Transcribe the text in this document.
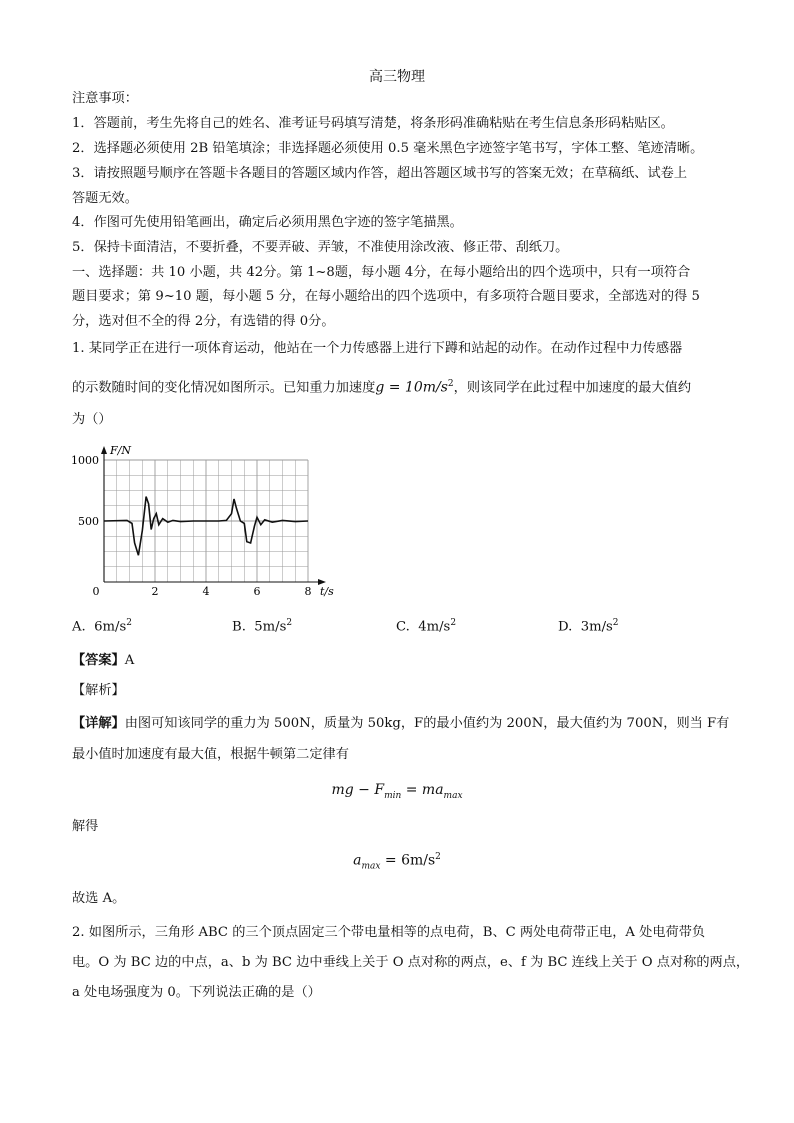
高三物理
注意事项：
1．答题前，考生先将自己的姓名、准考证号码填写清楚，将条形码准确粘贴在考生信息条形码粘贴区。
2．选择题必须使用 2B 铅笔填涂；非选择题必须使用 0.5 毫米黑色字迹签字笔书写，字体工整、笔迹清晰。
3．请按照题号顺序在答题卡各题目的答题区域内作答，超出答题区域书写的答案无效；在草稿纸、试卷上
答题无效。
4．作图可先使用铅笔画出，确定后必须用黑色字迹的签字笔描黑。
5．保持卡面清洁，不要折叠，不要弄破、弄皱，不准使用涂改液、修正带、刮纸刀。
一、选择题：共 10 小题，共 42分。第 1~8题，每小题 4分，在每小题给出的四个选项中，只有一项符合
题目要求；第 9~10 题，每小题 5 分，在每小题给出的四个选项中，有多项符合题目要求，全部选对的得 5
分，选对但不全的得 2分，有选错的得 0分。
1. 某同学正在进行一项体育运动，他站在一个力传感器上进行下蹲和站起的动作。在动作过程中力传感器
的示数随时间的变化情况如图所示。已知重力加速度$g = 10m/s^2$，则该同学在此过程中加速度的最大值约
为（）
0	2	4	6	8
500
1000
F/N
t/s
A. $6m/s^2$	B. $5m/s^2$	C. $4m/s^2$	D. $3m/s^2$
【答案】A
【解析】
【详解】由图可知该同学的重力为 500N，质量为 50kg，F的最小值约为 200N，最大值约为 700N，则当 F有
最小值时加速度有最大值，根据牛顿第二定律有
mg − $F_{min} = ma_{max}$
解得
$a_{max} = 6m/s^2$
故选 A。
2. 如图所示，三角形 ABC 的三个顶点固定三个带电量相等的点电荷，B、C 两处电荷带正电，A 处电荷带负
电。O 为 BC 边的中点，a、b 为 BC 边中垂线上关于 O 点对称的两点，e、f 为 BC 连线上关于 O 点对称的两点，
a 处电场强度为 0。下列说法正确的是（）
